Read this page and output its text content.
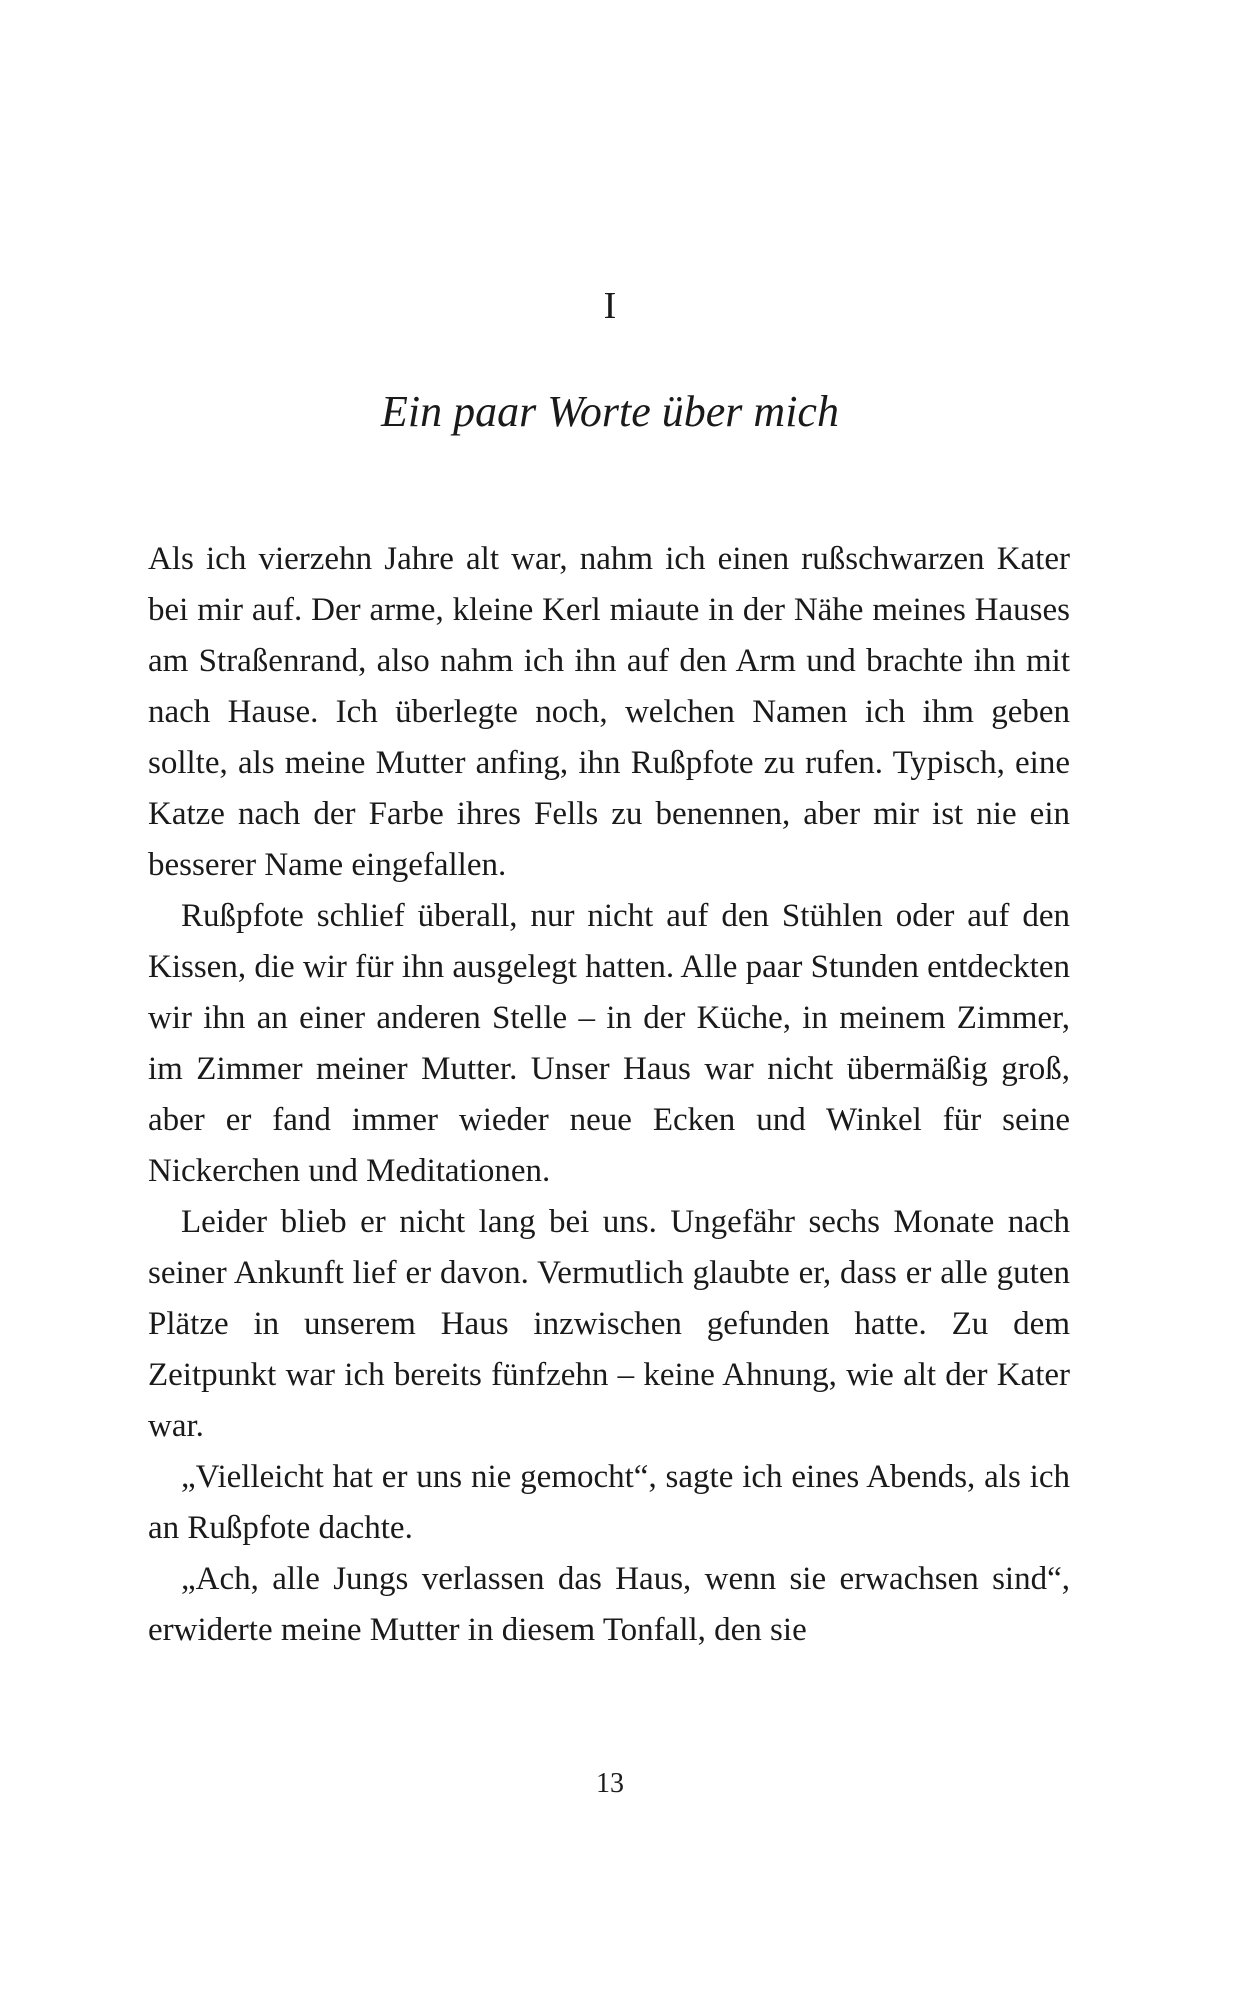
I
Ein paar Worte über mich

Als ich vierzehn Jahre alt war, nahm ich einen rußschwarzen Kater bei mir auf. Der arme, kleine Kerl miaute in der Nähe meines Hauses am Straßenrand, also nahm ich ihn auf den Arm und brachte ihn mit nach Hause. Ich überlegte noch, welchen Namen ich ihm geben sollte, als meine Mutter anfing, ihn Rußpfote zu rufen. Typisch, eine Katze nach der Farbe ihres Fells zu benennen, aber mir ist nie ein besserer Name eingefallen.

Rußpfote schlief überall, nur nicht auf den Stühlen oder auf den Kissen, die wir für ihn ausgelegt hatten. Alle paar Stunden entdeckten wir ihn an einer anderen Stelle – in der Küche, in meinem Zimmer, im Zimmer meiner Mutter. Unser Haus war nicht übermäßig groß, aber er fand immer wieder neue Ecken und Winkel für seine Nickerchen und Meditationen.

Leider blieb er nicht lang bei uns. Ungefähr sechs Monate nach seiner Ankunft lief er davon. Vermutlich glaubte er, dass er alle guten Plätze in unserem Haus inzwischen gefunden hatte. Zu dem Zeitpunkt war ich bereits fünfzehn – keine Ahnung, wie alt der Kater war.

„Vielleicht hat er uns nie gemocht“, sagte ich eines Abends, als ich an Rußpfote dachte.

„Ach, alle Jungs verlassen das Haus, wenn sie erwachsen sind“, erwiderte meine Mutter in diesem Tonfall, den sie

13
